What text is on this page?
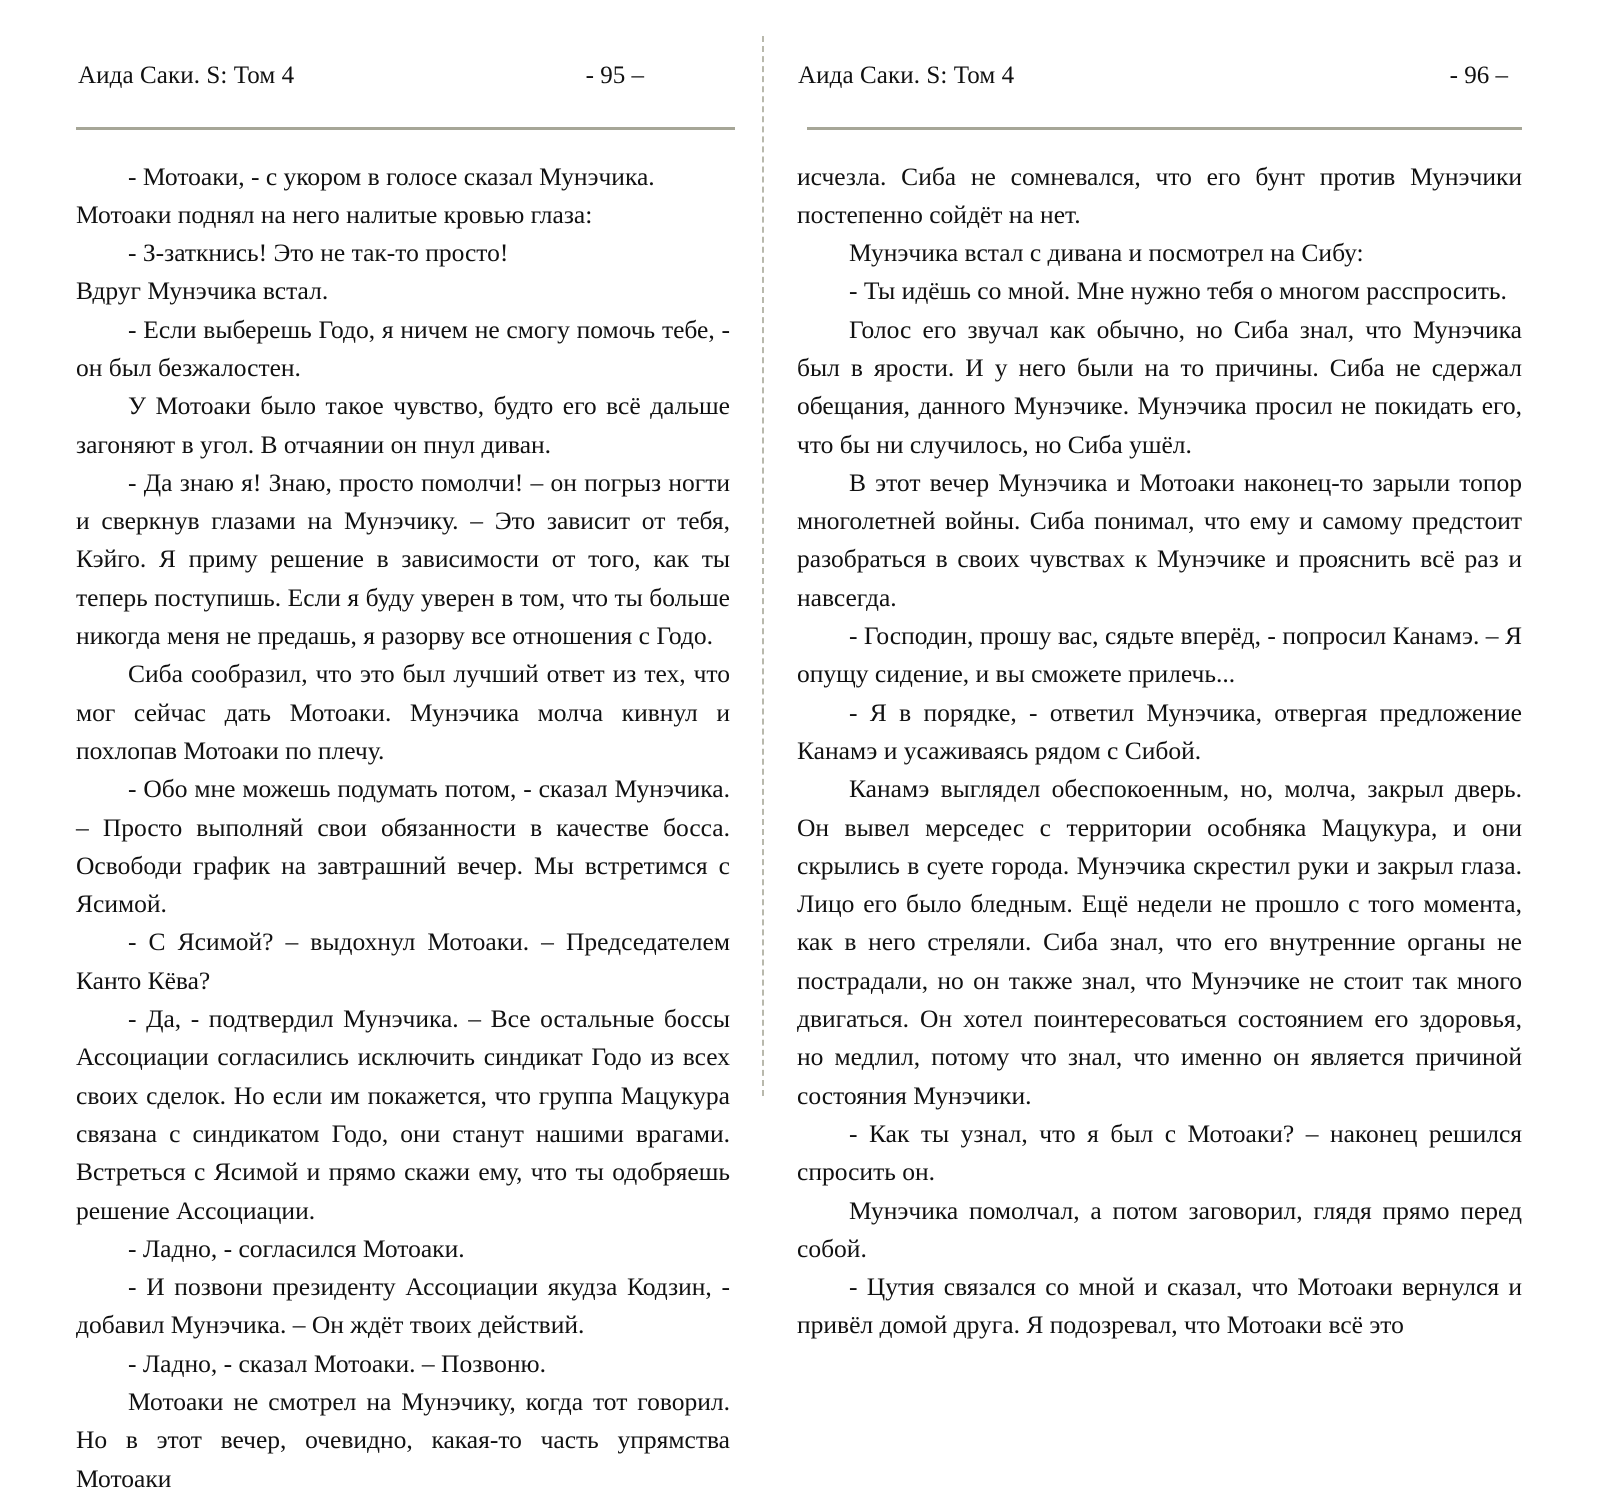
Аида Саки. S: Том 4	- 95 –

- Мотоаки, - с укором в голосе сказал Мунэчика.

Мотоаки поднял на него налитые кровью глаза:

- З-заткнись! Это не так-то просто!

Вдруг Мунэчика встал.

- Если выберешь Годо, я ничем не смогу помочь тебе, - он был безжалостен.

У Мотоаки было такое чувство, будто его всё дальше загоняют в угол. В отчаянии он пнул диван.

- Да знаю я! Знаю, просто помолчи! – он погрыз ногти и сверкнув глазами на Мунэчику. – Это зависит от тебя, Кэйго. Я приму решение в зависимости от того, как ты теперь поступишь. Если я буду уверен в том, что ты больше никогда меня не предашь, я разорву все отношения с Годо.

Сиба сообразил, что это был лучший ответ из тех, что мог сейчас дать Мотоаки. Мунэчика молча кивнул и похлопав Мотоаки по плечу.

- Обо мне можешь подумать потом, - сказал Мунэчика. – Просто выполняй свои обязанности в качестве босса. Освободи график на завтрашний вечер. Мы встретимся с Ясимой.

- С Ясимой? – выдохнул Мотоаки. – Председателем Канто Кёва?

- Да, - подтвердил Мунэчика. – Все остальные боссы Ассоциации согласились исключить синдикат Годо из всех своих сделок. Но если им покажется, что группа Мацукура связана с синдикатом Годо, они станут нашими врагами. Встреться с Ясимой и прямо скажи ему, что ты одобряешь решение Ассоциации.

- Ладно, - согласился Мотоаки.

- И позвони президенту Ассоциации якудза Кодзин, - добавил Мунэчика. – Он ждёт твоих действий.

- Ладно, - сказал Мотоаки. – Позвоню.

Мотоаки не смотрел на Мунэчику, когда тот говорил. Но в этот вечер, очевидно, какая-то часть упрямства Мотоаки

Аида Саки. S: Том 4	- 96 –

исчезла. Сиба не сомневался, что его бунт против Мунэчики постепенно сойдёт на нет.

Мунэчика встал с дивана и посмотрел на Сибу:

- Ты идёшь со мной. Мне нужно тебя о многом расспросить.

Голос его звучал как обычно, но Сиба знал, что Мунэчика был в ярости. И у него были на то причины. Сиба не сдержал обещания, данного Мунэчике. Мунэчика просил не покидать его, что бы ни случилось, но Сиба ушёл.

В этот вечер Мунэчика и Мотоаки наконец-то зарыли топор многолетней войны. Сиба понимал, что ему и самому предстоит разобраться в своих чувствах к Мунэчике и прояснить всё раз и навсегда.

- Господин, прошу вас, сядьте вперёд, - попросил Канамэ. – Я опущу сидение, и вы сможете прилечь...

- Я в порядке, - ответил Мунэчика, отвергая предложение Канамэ и усаживаясь рядом с Сибой.

Канамэ выглядел обеспокоенным, но, молча, закрыл дверь. Он вывел мерседес с территории особняка Мацукура, и они скрылись в суете города. Мунэчика скрестил руки и закрыл глаза. Лицо его было бледным. Ещё недели не прошло с того момента, как в него стреляли. Сиба знал, что его внутренние органы не пострадали, но он также знал, что Мунэчике не стоит так много двигаться. Он хотел поинтересоваться состоянием его здоровья, но медлил, потому что знал, что именно он является причиной состояния Мунэчики.

- Как ты узнал, что я был с Мотоаки? – наконец решился спросить он.

Мунэчика помолчал, а потом заговорил, глядя прямо перед собой.

- Цутия связался со мной и сказал, что Мотоаки вернулся и привёл домой друга. Я подозревал, что Мотоаки всё это
